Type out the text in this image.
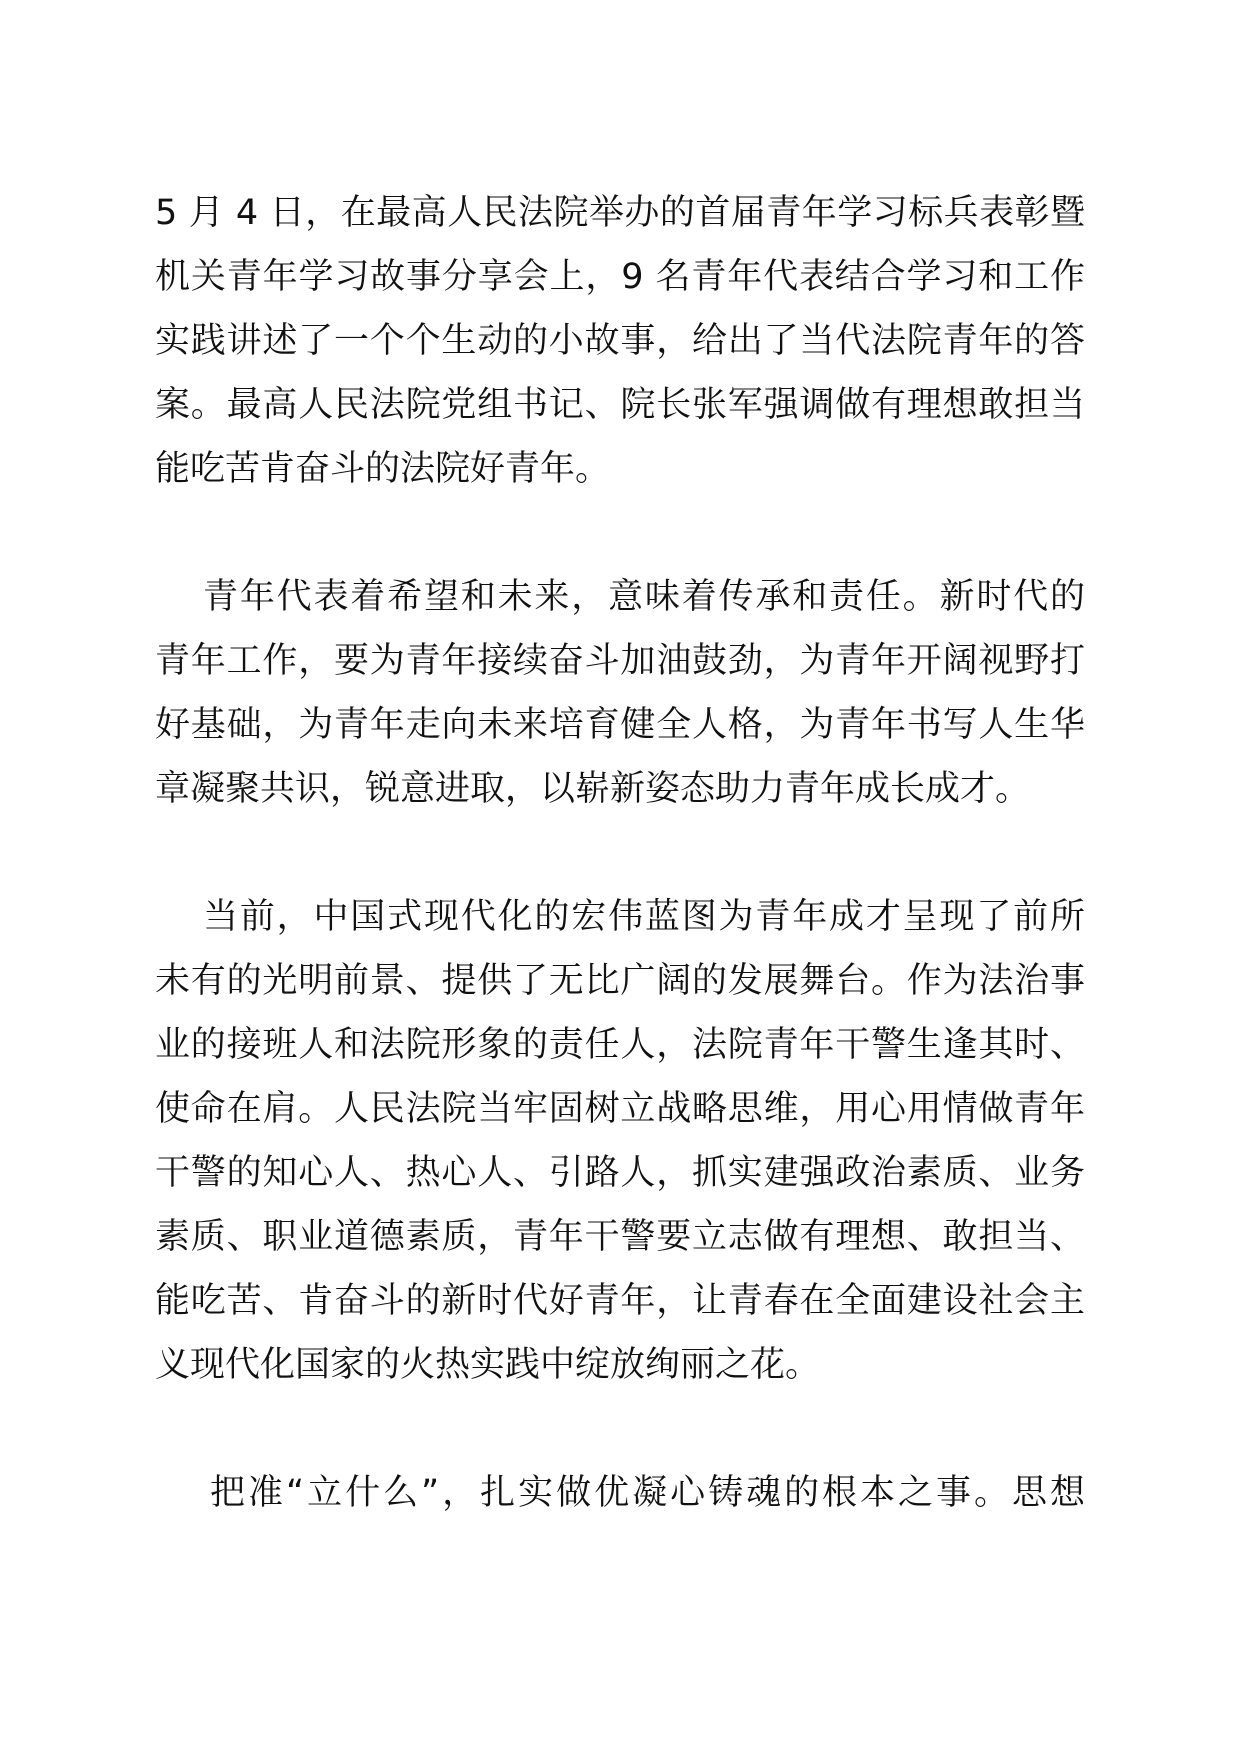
5 月 4 日，在最高人民法院举办的首届青年学习标兵表彰暨
机关青年学习故事分享会上，9 名青年代表结合学习和工作
实践讲述了一个个生动的小故事，给出了当代法院青年的答
案。最高人民法院党组书记、院长张军强调做有理想敢担当
能吃苦肯奋斗的法院好青年。
青年代表着希望和未来，意味着传承和责任。新时代的
青年工作，要为青年接续奋斗加油鼓劲，为青年开阔视野打
好基础，为青年走向未来培育健全人格，为青年书写人生华
章凝聚共识，锐意进取，以崭新姿态助力青年成长成才。
当前，中国式现代化的宏伟蓝图为青年成才呈现了前所
未有的光明前景、提供了无比广阔的发展舞台。作为法治事
业的接班人和法院形象的责任人，法院青年干警生逢其时、
使命在肩。人民法院当牢固树立战略思维，用心用情做青年
干警的知心人、热心人、引路人，抓实建强政治素质、业务
素质、职业道德素质，青年干警要立志做有理想、敢担当、
能吃苦、肯奋斗的新时代好青年，让青春在全面建设社会主
义现代化国家的火热实践中绽放绚丽之花。
把准“立什么”，扎实做优凝心铸魂的根本之事。思想
